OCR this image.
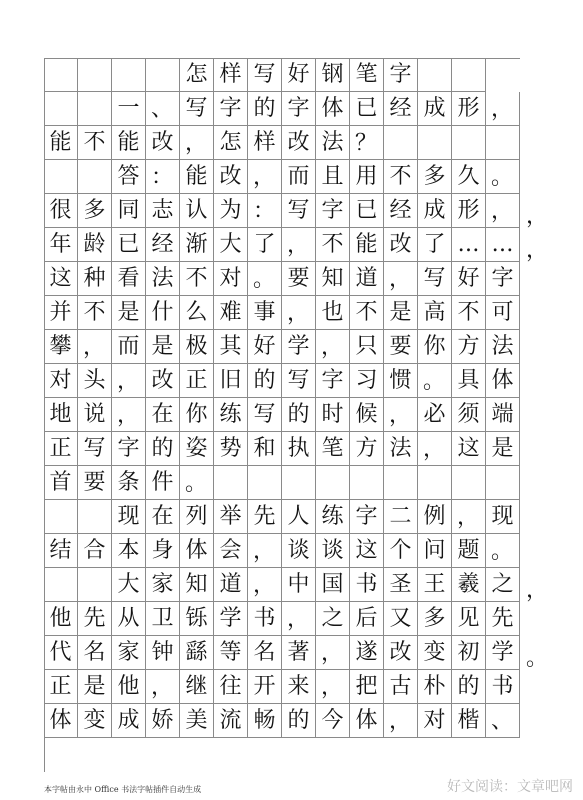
怎 样 写 好 钢 笔 字
一 、 写 字 的 字 体 已 经 成 形 ，
能 不 能 改 ， 怎 样 改 法 ？
答 ： 能 改 ， 而 且 用 不 多 久 。
很 多 同 志 认 为 ： 写 字 已 经 成 形 ，
年 龄 已 经 渐 大 了 ， 不 能 改 了 … …
这 种 看 法 不 对 。 要 知 道 ， 写 好 字
并 不 是 什 么 难 事 ， 也 不 是 高 不 可
攀 ， 而 是 极 其 好 学 ， 只 要 你 方 法
对 头 ， 改 正 旧 的 写 字 习 惯 。 具 体
地 说 ， 在 你 练 写 的 时 候 ， 必 须 端
正 写 字 的 姿 势 和 执 笔 方 法 ， 这 是
首 要 条 件 。
现 在 列 举 先 人 练 字 二 例 ， 现
结 合 本 身 体 会 ， 谈 谈 这 个 问 题 。
大 家 知 道 ， 中 国 书 圣 王 羲 之
他 先 从 卫 铄 学 书 ， 之 后 又 多 见 先
代 名 家 钟 繇 等 名 著 ， 遂 改 变 初 学
正 是 他 ， 继 往 开 来 ， 把 古 朴 的 书
体 变 成 娇 美 流 畅 的 今 体 ， 对 楷 、
，
，
，
。
本字帖由永中 Office 书法字帖插件自动生成	好文阅读：文章吧网
